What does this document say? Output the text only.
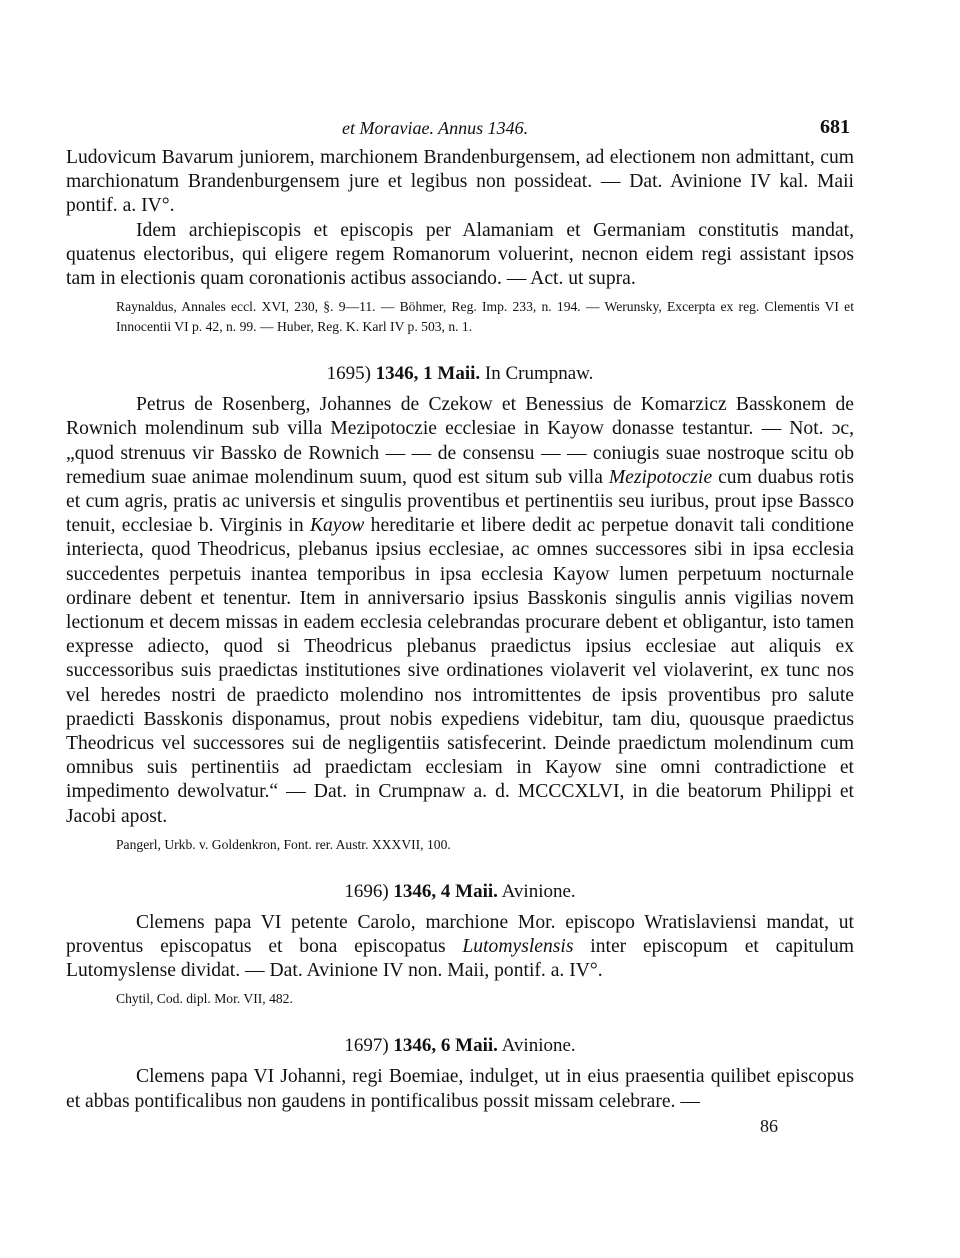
et Moraviae. Annus 1346.	681

Ludovicum Bavarum juniorem, marchionem Brandenburgensem, ad electionem non admittant, cum marchionatum Brandenburgensem jure et legibus non possideat. — Dat. Avinione IV kal. Maii pontif. a. IV°.

Idem archiepiscopis et episcopis per Alamaniam et Germaniam constitutis mandat, quatenus electoribus, qui eligere regem Romanorum voluerint, necnon eidem regi assistant ipsos tam in electionis quam coronationis actibus associando. — Act. ut supra.

Raynaldus, Annales eccl. XVI, 230, §. 9—11. — Böhmer, Reg. Imp. 233, n. 194. — Werunsky, Excerpta ex reg. Clementis VI et Innocentii VI p. 42, n. 99. — Huber, Reg. K. Karl IV p. 503, n. 1.

1695) 1346, 1 Maii. In Crumpnaw.

Petrus de Rosenberg, Johannes de Czekow et Benessius de Komarzicz Basskonem de Rownich molendinum sub villa Mezipotoczie ecclesiae in Kayow donasse testantur. — Not. ɔc, „quod strenuus vir Bassko de Rownich — — de consensu — — coniugis suae nostroque scitu ob remedium suae animae molendinum suum, quod est situm sub villa Mezipotoczie cum duabus rotis et cum agris, pratis ac universis et singulis proventibus et pertinentiis seu iuribus, prout ipse Bassco tenuit, ecclesiae b. Virginis in Kayow hereditarie et libere dedit ac perpetue donavit tali conditione interiecta, quod Theodricus, plebanus ipsius ecclesiae, ac omnes successores sibi in ipsa ecclesia succedentes perpetuis inantea temporibus in ipsa ecclesia Kayow lumen perpetuum nocturnale ordinare debent et tenentur. Item in anniversario ipsius Basskonis singulis annis vigilias novem lectionum et decem missas in eadem ecclesia celebrandas procurare debent et obligantur, isto tamen expresse adiecto, quod si Theodricus plebanus praedictus ipsius ecclesiae aut aliquis ex successoribus suis praedictas institutiones sive ordinationes violaverit vel violaverint, ex tunc nos vel heredes nostri de praedicto molendino nos intromittentes de ipsis proventibus pro salute praedicti Basskonis disponamus, prout nobis expediens videbitur, tam diu, quousque praedictus Theodricus vel successores sui de negligentiis satisfecerint. Deinde praedictum molendinum cum omnibus suis pertinentiis ad praedictam ecclesiam in Kayow sine omni contradictione et impedimento dewolvatur.“ — Dat. in Crumpnaw a. d. MCCCXLVI, in die beatorum Philippi et Jacobi apost.

Pangerl, Urkb. v. Goldenkron, Font. rer. Austr. XXXVII, 100.

1696) 1346, 4 Maii. Avinione.

Clemens papa VI petente Carolo, marchione Mor. episcopo Wratislaviensi mandat, ut proventus episcopatus et bona episcopatus Lutomyslensis inter episcopum et capitulum Lutomyslense dividat. — Dat. Avinione IV non. Maii, pontif. a. IV°.

Chytil, Cod. dipl. Mor. VII, 482.

1697) 1346, 6 Maii. Avinione.

Clemens papa VI Johanni, regi Boemiae, indulget, ut in eius praesentia quilibet episcopus et abbas pontificalibus non gaudens in pontificalibus possit missam celebrare. —

86
